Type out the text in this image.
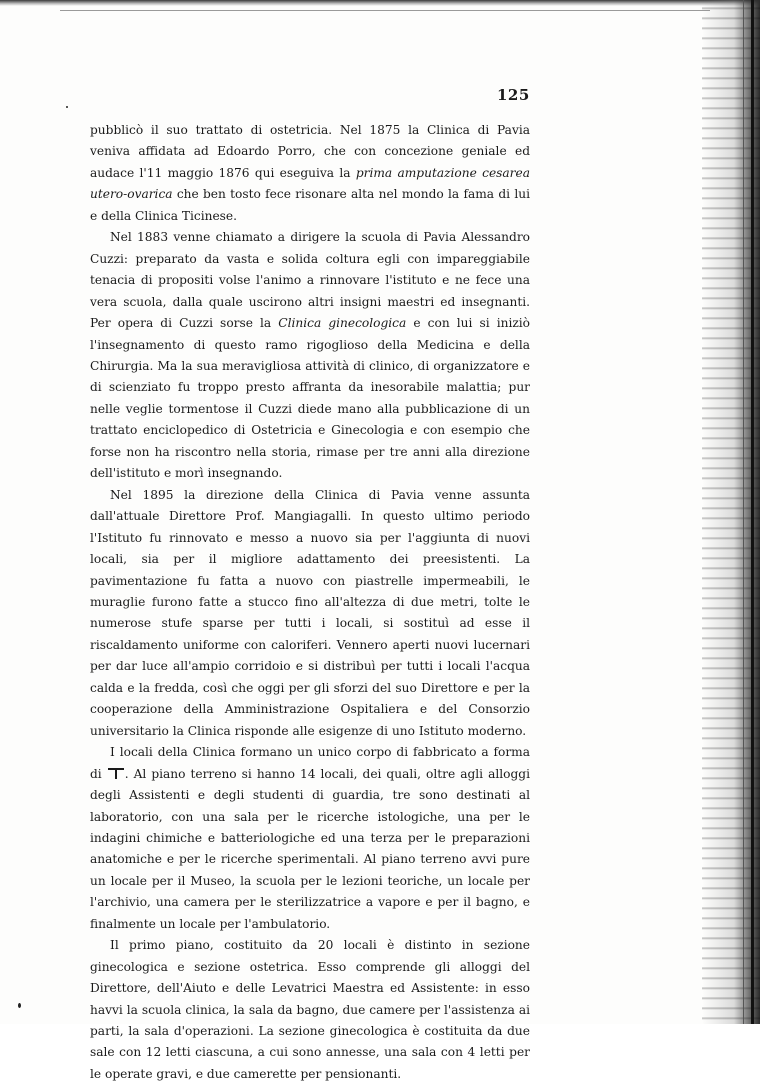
125

pubblicò il suo trattato di ostetricia. Nel 1875 la Clinica di Pavia veniva affidata ad Edoardo Porro, che con concezione geniale ed audace l'11 maggio 1876 qui eseguiva la prima amputazione cesarea utero-ovarica che ben tosto fece risonare alta nel mondo la fama di lui e della Clinica Ticinese.

Nel 1883 venne chiamato a dirigere la scuola di Pavia Alessandro Cuzzi: preparato da vasta e solida coltura egli con impareggiabile tenacia di propositi volse l'animo a rinnovare l'istituto e ne fece una vera scuola, dalla quale uscirono altri insigni maestri ed insegnanti. Per opera di Cuzzi sorse la Clinica ginecologica e con lui si iniziò l'insegnamento di questo ramo rigoglioso della Medicina e della Chirurgia. Ma la sua meravigliosa attività di clinico, di organizzatore e di scienziato fu troppo presto affranta da inesorabile malattia; pur nelle veglie tormentose il Cuzzi diede mano alla pubblicazione di un trattato enciclopedico di Ostetricia e Ginecologia e con esempio che forse non ha riscontro nella storia, rimase per tre anni alla direzione dell'istituto e morì insegnando.

Nel 1895 la direzione della Clinica di Pavia venne assunta dall'attuale Direttore Prof. Mangiagalli. In questo ultimo periodo l'Istituto fu rinnovato e messo a nuovo sia per l'aggiunta di nuovi locali, sia per il migliore adattamento dei preesistenti. La pavimentazione fu fatta a nuovo con piastrelle impermeabili, le muraglie furono fatte a stucco fino all'altezza di due metri, tolte le numerose stufe sparse per tutti i locali, si sostituì ad esse il riscaldamento uniforme con caloriferi. Vennero aperti nuovi lucernari per dar luce all'ampio corridoio e si distribuì per tutti i locali l'acqua calda e la fredda, così che oggi per gli sforzi del suo Direttore e per la cooperazione della Amministrazione Ospitaliera e del Consorzio universitario la Clinica risponde alle esigenze di uno Istituto moderno.

I locali della Clinica formano un unico corpo di fabbricato a forma di . Al piano terreno si hanno 14 locali, dei quali, oltre agli alloggi degli Assistenti e degli studenti di guardia, tre sono destinati al laboratorio, con una sala per le ricerche istologiche, una per le indagini chimiche e batteriologiche ed una terza per le preparazioni anatomiche e per le ricerche sperimentali. Al piano terreno avvi pure un locale per il Museo, la scuola per le lezioni teoriche, un locale per l'archivio, una camera per le sterilizzatrice a vapore e per il bagno, e finalmente un locale per l'ambulatorio.

Il primo piano, costituito da 20 locali è distinto in sezione ginecologica e sezione ostetrica. Esso comprende gli alloggi del Direttore, dell'Aiuto e delle Levatrici Maestra ed Assistente: in esso havvi la scuola clinica, la sala da bagno, due camere per l'assistenza ai parti, la sala d'operazioni. La sezione ginecologica è costituita da due sale con 12 letti ciascuna, a cui sono annesse, una sala con 4 letti per le operate gravi, e due camerette per pensionanti.
